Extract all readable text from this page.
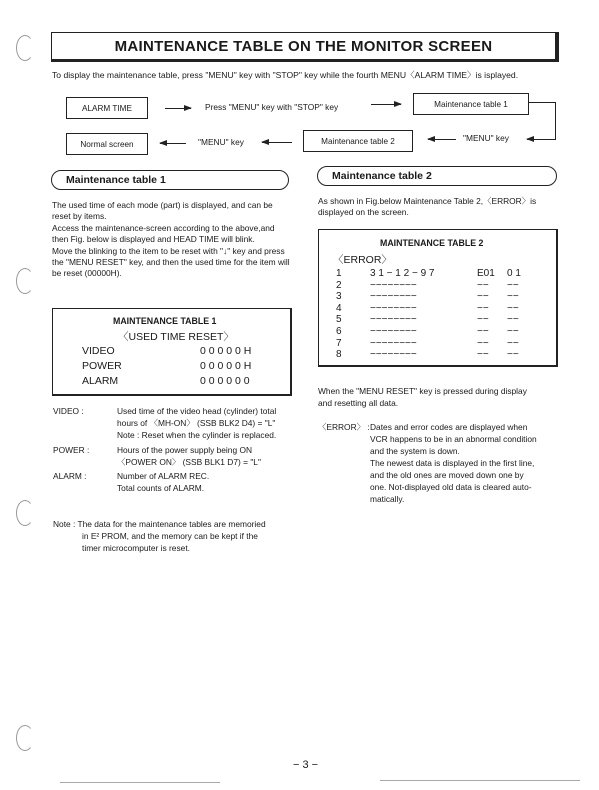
MAINTENANCE TABLE ON THE MONITOR SCREEN
To display the maintenance table, press "MENU" key with "STOP" key while the fourth MENU〈ALARM TIME〉is isplayed.
ALARM TIME	Press "MENU" key with "STOP" key	Maintenance table 1
Normal screen	"MENU" key	Maintenance table 2	"MENU" key
Maintenance table 1	Maintenance table 2

The used time of each mode (part) is displayed, and can be reset by items.

Access the maintenance-screen according to the above,and then Fig. below is displayed and HEAD TIME will blink.

Move the blinking to the item to be reset with "↓" key and press the "MENU RESET" key, and then the used time for the item will be reset (00000H).

MAINTENANCE TABLE 1
〈USED TIME RESET〉
VIDEO	0 0 0 0 0 H
POWER	0 0 0 0 0 H
ALARM	0 0 0 0 0 0
VIDEO :	Used time of the video head (cylinder) total
hours of 〈MH-ON〉 (SSB BLK2 D4) = "L"
Note : Reset when the cylinder is replaced.
POWER :	Hours of the power supply being ON
〈POWER ON〉 (SSB BLK1 D7) = "L"
ALARM :	Number of ALARM REC.
Total counts of ALARM.
Note : The data for the maintenance tables are memoried
in E² PROM, and the memory can be kept if the
timer microcomputer is reset.
As shown in Fig.below Maintenance Table 2,〈ERROR〉is displayed on the screen.
MAINTENANCE TABLE 2
〈ERROR〉
1	3 1 − 1 2 − 9 7	E01 0 1
2	−−−−−−−−	−− −−
3	−−−−−−−−	−− −−
4	−−−−−−−−	−− −−
5	−−−−−−−−	−− −−
6	−−−−−−−−	−− −−
7	−−−−−−−−	−− −−
8	−−−−−−−−	−− −−
When the "MENU RESET" key is pressed during display
and resetting all data.
〈ERROR〉 : Dates and error codes are displayed when
VCR happens to be in an abnormal condition
and the system is down.
The newest data is displayed in the first line,
and the old ones are moved down one by
one. Not-displayed old data is cleared auto-
matically.
− 3 −
